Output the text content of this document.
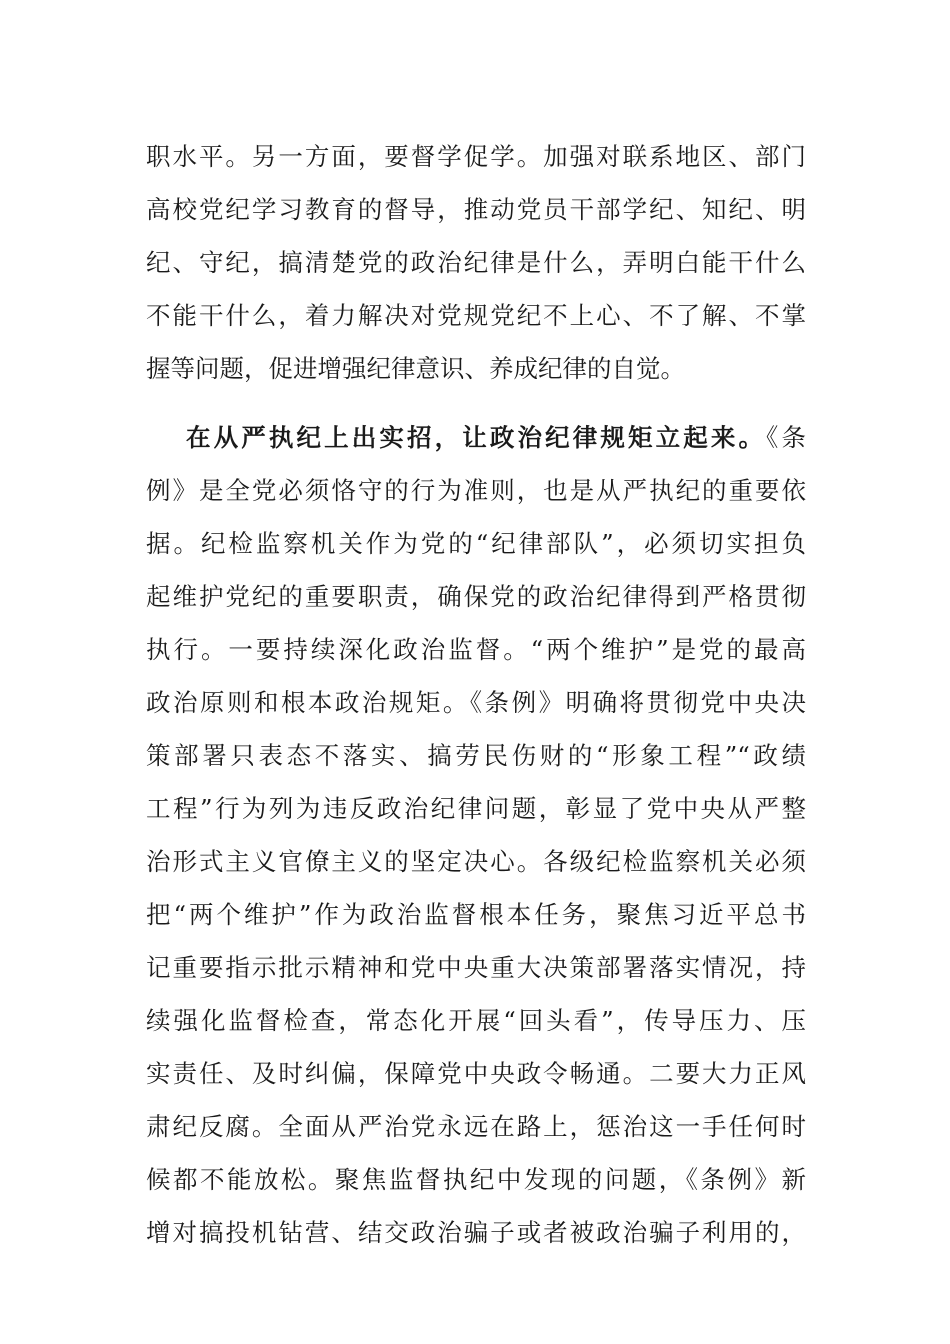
职水平。另一方面，要督学促学。加强对联系地区、部门
高校党纪学习教育的督导，推动党员干部学纪、知纪、明
纪、守纪，搞清楚党的政治纪律是什么，弄明白能干什么
不能干什么，着力解决对党规党纪不上心、不了解、不掌
握等问题，促进增强纪律意识、养成纪律的自觉。
在从严执纪上出实招，让政治纪律规矩立起来。《条
例》是全党必须恪守的行为准则，也是从严执纪的重要依
据。纪检监察机关作为党的“纪律部队”，必须切实担负
起维护党纪的重要职责，确保党的政治纪律得到严格贯彻
执行。一要持续深化政治监督。“两个维护”是党的最高
政治原则和根本政治规矩。《条例》明确将贯彻党中央决
策部署只表态不落实、搞劳民伤财的“形象工程”“政绩
工程”行为列为违反政治纪律问题，彰显了党中央从严整
治形式主义官僚主义的坚定决心。各级纪检监察机关必须
把“两个维护”作为政治监督根本任务，聚焦习近平总书
记重要指示批示精神和党中央重大决策部署落实情况，持
续强化监督检查，常态化开展“回头看”，传导压力、压
实责任、及时纠偏，保障党中央政令畅通。二要大力正风
肃纪反腐。全面从严治党永远在路上，惩治这一手任何时
候都不能放松。聚焦监督执纪中发现的问题，《条例》新
增对搞投机钻营、结交政治骗子或者被政治骗子利用的，
